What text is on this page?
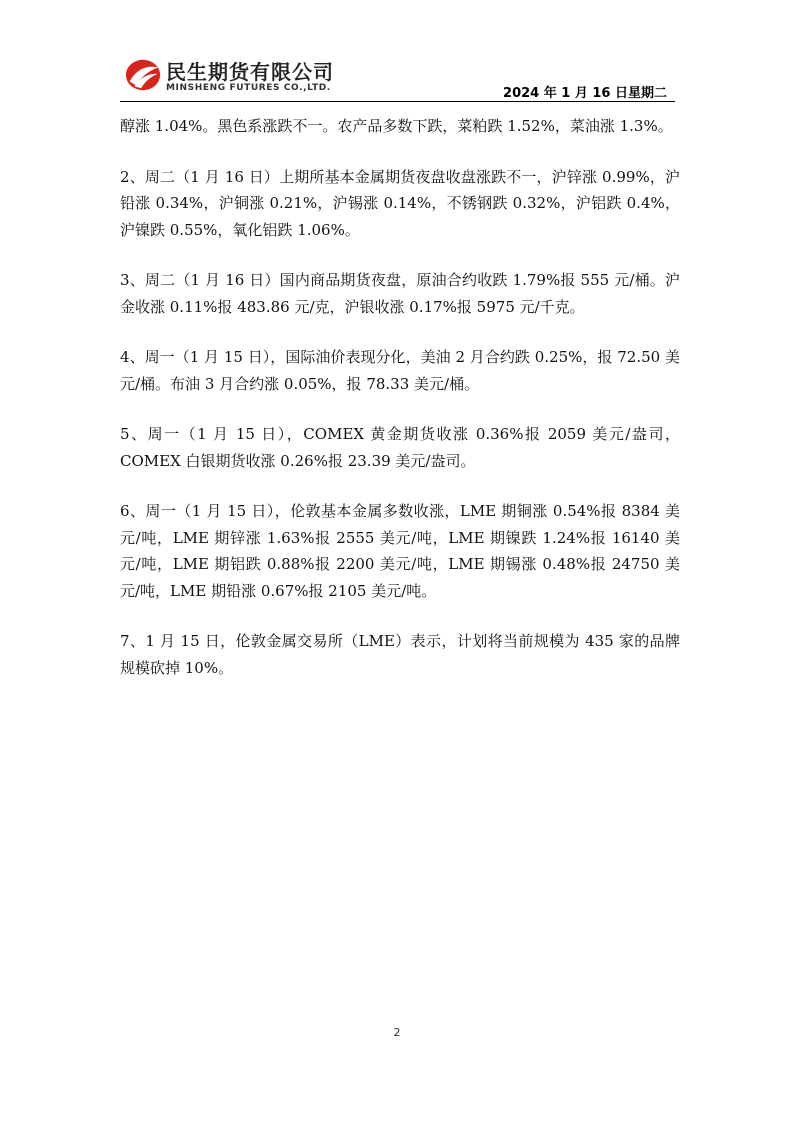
民生期货有限公司
MINSHENG FUTURES CO.,LTD.	2024 年 1 月 16 日星期二

醇涨 1.04%。黑色系涨跌不一。农产品多数下跌，菜粕跌 1.52%，菜油涨 1.3%。

2、周二（1 月 16 日）上期所基本金属期货夜盘收盘涨跌不一，沪锌涨 0.99%，沪铅涨 0.34%，沪铜涨 0.21%，沪锡涨 0.14%，不锈钢跌 0.32%，沪铝跌 0.4%，沪镍跌 0.55%，氧化铝跌 1.06%。

3、周二（1 月 16 日）国内商品期货夜盘，原油合约收跌 1.79%报 555 元/桶。沪金收涨 0.11%报 483.86 元/克，沪银收涨 0.17%报 5975 元/千克。

4、周一（1 月 15 日），国际油价表现分化，美油 2 月合约跌 0.25%，报 72.50 美元/桶。布油 3 月合约涨 0.05%，报 78.33 美元/桶。

5、周一（1 月 15 日），COMEX 黄金期货收涨 0.36%报 2059 美元/盎司，COMEX 白银期货收涨 0.26%报 23.39 美元/盎司。

6、周一（1 月 15 日），伦敦基本金属多数收涨，LME 期铜涨 0.54%报 8384 美元/吨，LME 期锌涨 1.63%报 2555 美元/吨，LME 期镍跌 1.24%报 16140 美元/吨，LME 期铝跌 0.88%报 2200 美元/吨，LME 期锡涨 0.48%报 24750 美元/吨，LME 期铅涨 0.67%报 2105 美元/吨。

7、1 月 15 日，伦敦金属交易所（LME）表示，计划将当前规模为 435 家的品牌规模砍掉 10%。

2
